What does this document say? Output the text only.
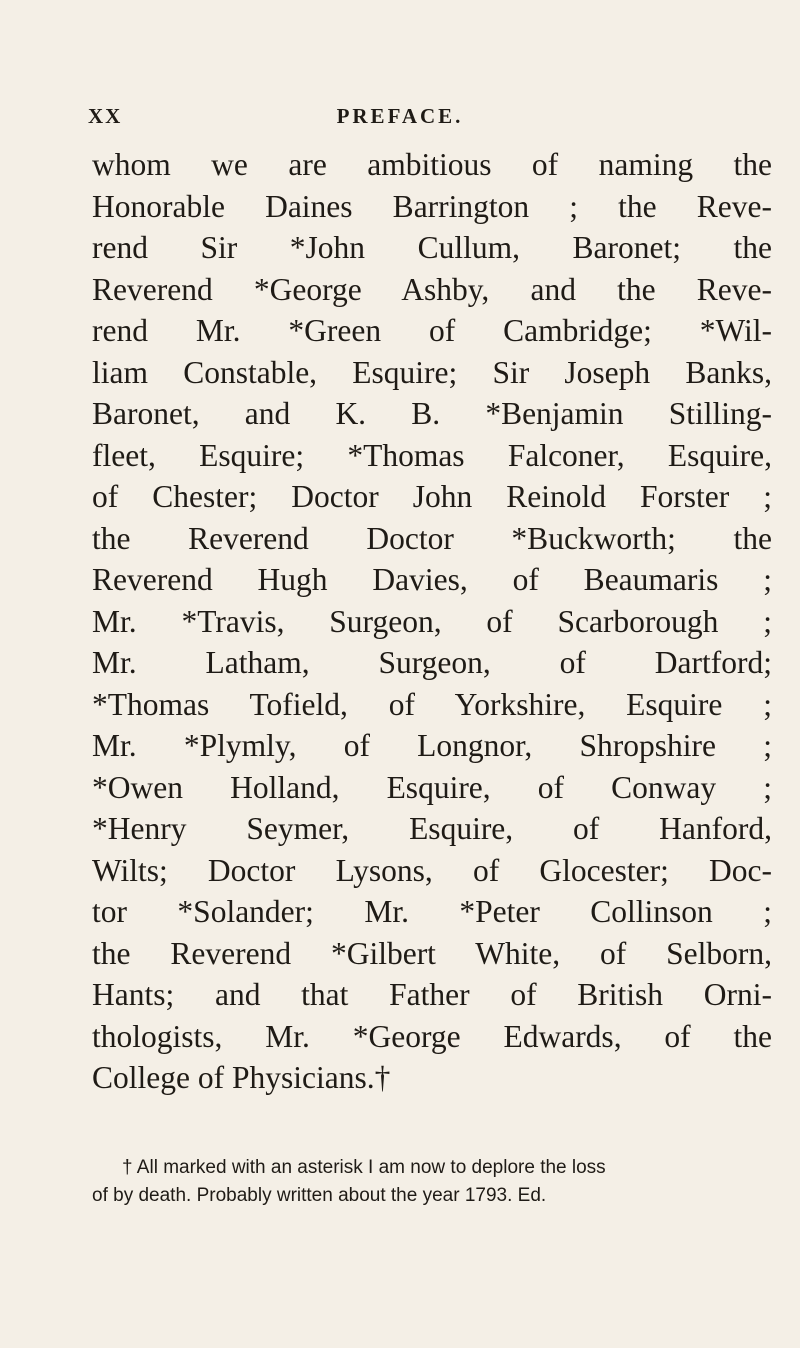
XX	PREFACE.
whom we are ambitious of naming the
Honorable Daines Barrington ; the Reve-
rend Sir *John Cullum, Baronet; the
Reverend *George Ashby, and the Reve-
rend Mr. *Green of Cambridge; *Wil-
liam Constable, Esquire; Sir Joseph Banks,
Baronet, and K. B. *Benjamin Stilling-
fleet, Esquire; *Thomas Falconer, Esquire,
of Chester; Doctor John Reinold Forster ;
the Reverend Doctor *Buckworth; the
Reverend Hugh Davies, of Beaumaris ;
Mr. *Travis, Surgeon, of Scarborough ;
Mr. Latham, Surgeon, of Dartford;
*Thomas Tofield, of Yorkshire, Esquire ;
Mr. *Plymly, of Longnor, Shropshire ;
*Owen Holland, Esquire, of Conway ;
*Henry Seymer, Esquire, of Hanford,
Wilts; Doctor Lysons, of Glocester; Doc-
tor *Solander; Mr. *Peter Collinson ;
the Reverend *Gilbert White, of Selborn,
Hants; and that Father of British Orni-
thologists, Mr. *George Edwards, of the
College of Physicians.†
† All marked with an asterisk I am now to deplore the loss
of by death. Probably written about the year 1793. Ed.
